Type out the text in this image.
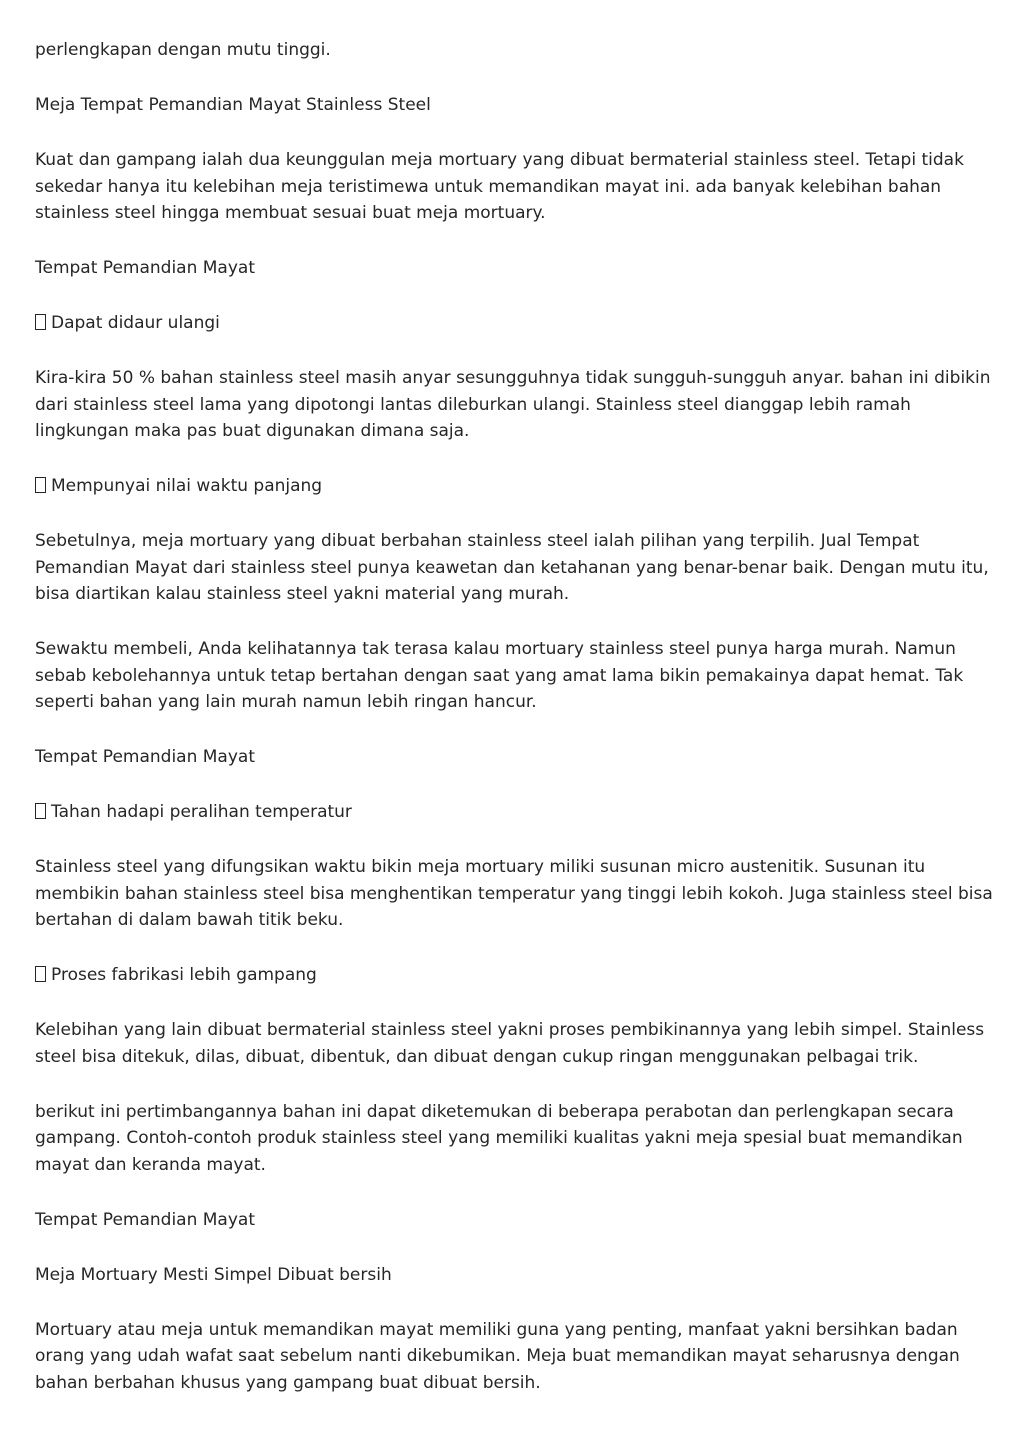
perlengkapan dengan mutu tinggi.

Meja Tempat Pemandian Mayat Stainless Steel

Kuat dan gampang ialah dua keunggulan meja mortuary yang dibuat bermaterial stainless steel. Tetapi tidak sekedar hanya itu kelebihan meja teristimewa untuk memandikan mayat ini. ada banyak kelebihan bahan stainless steel hingga membuat sesuai buat meja mortuary.

Tempat Pemandian Mayat

Dapat didaur ulangi

Kira-kira 50 % bahan stainless steel masih anyar sesungguhnya tidak sungguh-sungguh anyar. bahan ini dibikin dari stainless steel lama yang dipotongi lantas dileburkan ulangi. Stainless steel dianggap lebih ramah lingkungan maka pas buat digunakan dimana saja.

Mempunyai nilai waktu panjang

Sebetulnya, meja mortuary yang dibuat berbahan stainless steel ialah pilihan yang terpilih. Jual Tempat Pemandian Mayat dari stainless steel punya keawetan dan ketahanan yang benar-benar baik. Dengan mutu itu, bisa diartikan kalau stainless steel yakni material yang murah.

Sewaktu membeli, Anda kelihatannya tak terasa kalau mortuary stainless steel punya harga murah. Namun sebab kebolehannya untuk tetap bertahan dengan saat yang amat lama bikin pemakainya dapat hemat. Tak seperti bahan yang lain murah namun lebih ringan hancur.

Tempat Pemandian Mayat

Tahan hadapi peralihan temperatur

Stainless steel yang difungsikan waktu bikin meja mortuary miliki susunan micro austenitik. Susunan itu membikin bahan stainless steel bisa menghentikan temperatur yang tinggi lebih kokoh. Juga stainless steel bisa bertahan di dalam bawah titik beku.

Proses fabrikasi lebih gampang

Kelebihan yang lain dibuat bermaterial stainless steel yakni proses pembikinannya yang lebih simpel. Stainless steel bisa ditekuk, dilas, dibuat, dibentuk, dan dibuat dengan cukup ringan menggunakan pelbagai trik.

berikut ini pertimbangannya bahan ini dapat diketemukan di beberapa perabotan dan perlengkapan secara gampang. Contoh-contoh produk stainless steel yang memiliki kualitas yakni meja spesial buat memandikan mayat dan keranda mayat.

Tempat Pemandian Mayat

Meja Mortuary Mesti Simpel Dibuat bersih

Mortuary atau meja untuk memandikan mayat memiliki guna yang penting, manfaat yakni bersihkan badan orang yang udah wafat saat sebelum nanti dikebumikan. Meja buat memandikan mayat seharusnya dengan bahan berbahan khusus yang gampang buat dibuat bersih.
